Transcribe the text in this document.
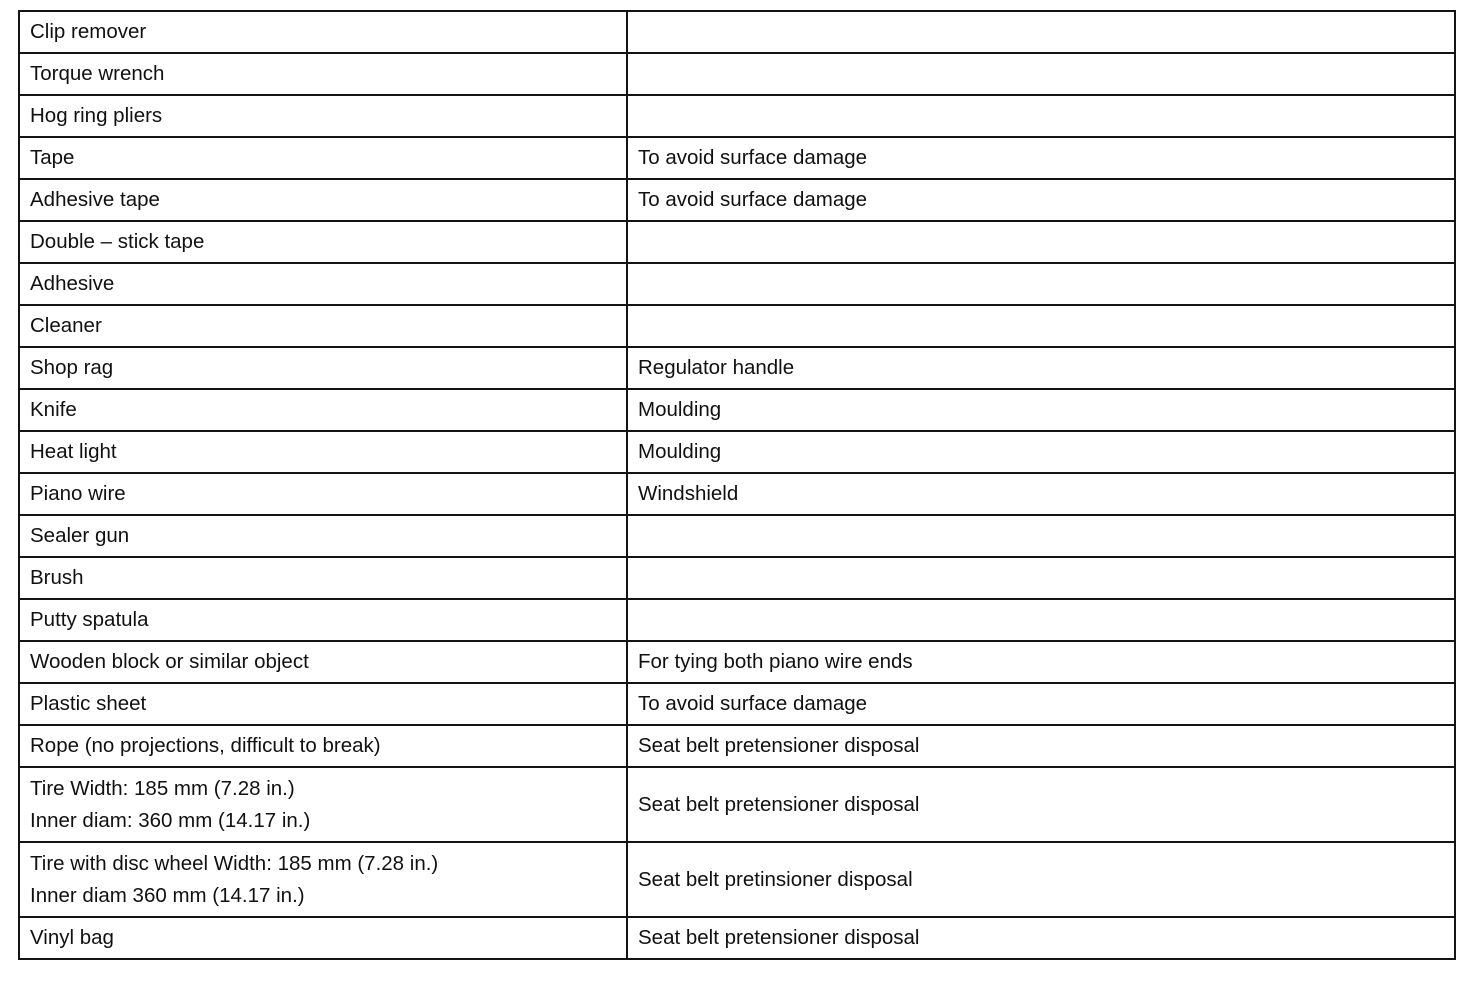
Clip remover	
Torque wrench	
Hog ring pliers	
Tape	To avoid surface damage
Adhesive tape	To avoid surface damage
Double – stick tape	
Adhesive	
Cleaner	
Shop rag	Regulator handle
Knife	Moulding
Heat light	Moulding
Piano wire	Windshield
Sealer gun	
Brush	
Putty spatula	
Wooden block or similar object	For tying both piano wire ends
Plastic sheet	To avoid surface damage
Rope (no projections, difficult to break)	Seat belt pretensioner disposal

Tire Width: 185 mm (7.28 in.)
Inner diam: 360 mm (14.17 in.)	Seat belt pretensioner disposal

Tire with disc wheel Width: 185 mm (7.28 in.)
Inner diam 360 mm (14.17 in.)	Seat belt pretinsioner disposal
Vinyl bag	Seat belt pretensioner disposal
